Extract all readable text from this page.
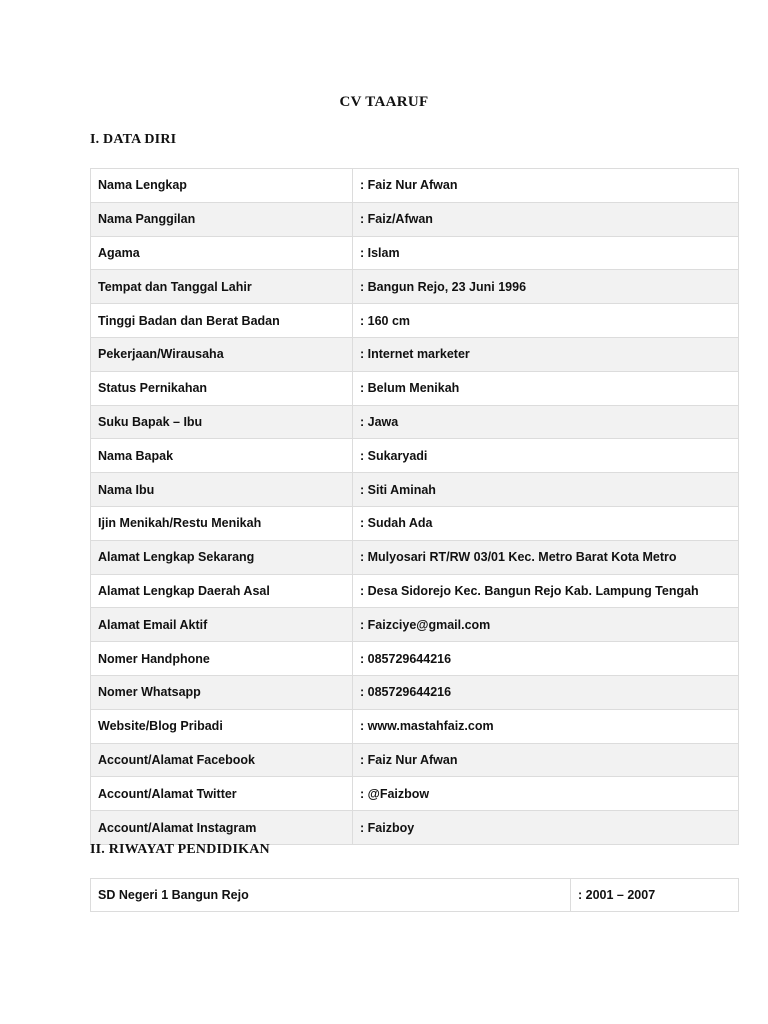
CV TAARUF
I. DATA DIRI
Nama Lengkap	: Faiz Nur Afwan
Nama Panggilan	: Faiz/Afwan
Agama	: Islam
Tempat dan Tanggal Lahir	: Bangun Rejo, 23 Juni 1996
Tinggi Badan dan Berat Badan	: 160 cm
Pekerjaan/Wirausaha	: Internet marketer
Status Pernikahan	: Belum Menikah
Suku Bapak – Ibu	: Jawa
Nama Bapak	: Sukaryadi
Nama Ibu	: Siti Aminah
Ijin Menikah/Restu Menikah	: Sudah Ada
Alamat Lengkap Sekarang	: Mulyosari RT/RW 03/01 Kec. Metro Barat Kota Metro
Alamat Lengkap Daerah Asal	: Desa Sidorejo Kec. Bangun Rejo Kab. Lampung Tengah
Alamat Email Aktif	: Faizciye@gmail.com
Nomer Handphone	: 085729644216
Nomer Whatsapp	: 085729644216
Website/Blog Pribadi	: www.mastahfaiz.com
Account/Alamat Facebook	: Faiz Nur Afwan
Account/Alamat Twitter	: @Faizbow
Account/Alamat Instagram	: Faizboy
II. RIWAYAT PENDIDIKAN
SD Negeri 1 Bangun Rejo	: 2001 – 2007
